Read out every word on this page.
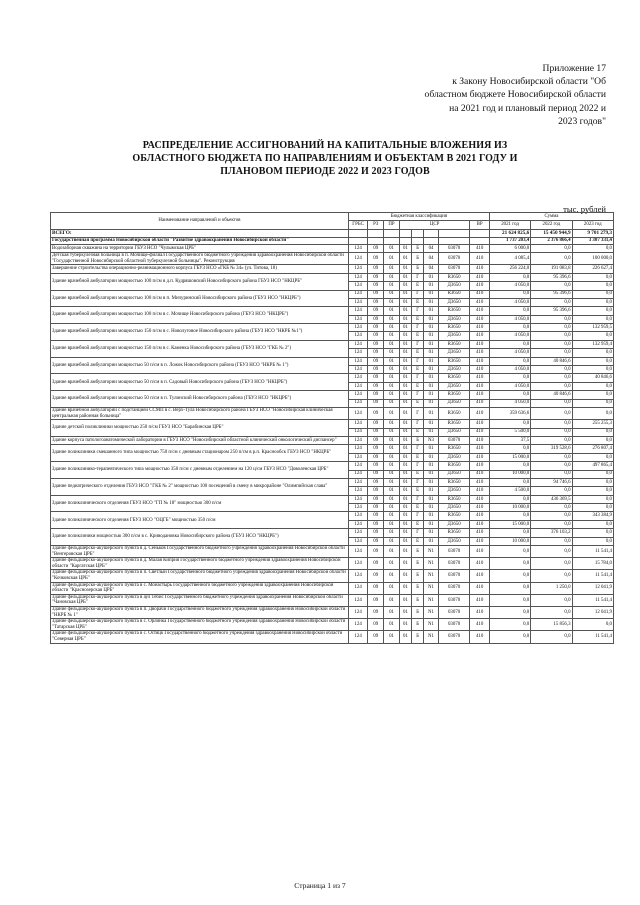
Приложение 17
к Закону Новосибирской области "Об
областном бюджете Новосибирской области
на 2021 год и плановый период 2022 и
2023 годов"
РАСПРЕДЕЛЕНИЕ АССИГНОВАНИЙ НА КАПИТАЛЬНЫЕ ВЛОЖЕНИЯ ИЗ
ОБЛАСТНОГО БЮДЖЕТА ПО НАПРАВЛЕНИЯМ И ОБЪЕКТАМ В 2021 ГОДУ И
ПЛАНОВОМ ПЕРИОДЕ 2022 И 2023 ГОДОВ
тыс. рублей
Наименование направлений и объектов	Бюджетная классификация								Сумма		
	ГРБС	РЗ	ПР	ЦСР				ВР	2021 год	2022 год	2023 год

ВСЕГО:									21 624 825,6	15 450 944,9	9 701 279,3
Государственная программа Новосибирской области "Развитие здравоохранения Новосибирской области"									1 737 203,4	2 376 866,4	3 307 331,4
Водозаборная скважина на территории ГБУЗ НСО "Чулымская ЦРБ"	124	09	01	01	Б	04	03070	410	6 000,0	0,0	0,0
Детская туберкулезная больница в п. Мочище-филиал Государственного бюджетного учреждения здравоохранения Новосибирской области "Государственной Новосибирской областной туберкулезной больницы". Реконструкция	124	09	01	01	Б	04	03070	410	4 085,4	0,0	100 000,0
Завершение строительства операционно-реанимационного корпуса ГБУЗ НСО «ГКБ № 34» (ул. Титова, 18)	124	09	01	01	Б	04	03070	410	256 224,0	191 083,8	226 627,4
Здание врачебной амбулатории мощностью 100 п/см в д.п. Кудряшовский Новосибирского района ГБУЗ НСО "НКЦРБ"	124	09	01	01	Г	01	R3650	410	0,0	95 396,6	0,0
	124	09	01	01	Е	01	Д3650	410	4 050,0	0,0	0,0
Здание врачебной амбулатории мощностью 100 п/см в п. Мичуринский Новосибирского района (ГБУЗ НСО "НКЦРБ")	124	09	01	01	Г	01	R3650	410	0,0	95 396,6	0,0
	124	09	01	01	Е	01	Д3650	410	4 050,0	0,0	0,0
Здание врачебной амбулатории мощностью 100 п/см в с. Мочище Новосибирского района (ГБУЗ НСО "НКЦРБ")	124	09	01	01	Г	01	R3650	410	0,0	95 396,6	0,0
	124	09	01	01	Е	01	Д3650	410	4 050,0	0,0	0,0
Здание врачебной амбулатории мощностью 150 п/см в с. Новолуговое Новосибирского района (ГБУЗ НСО "НКРБ №1")	124	09	01	01	Г	01	R3650	410	0,0	0,0	132 959,5
	124	09	01	01	Е	01	Д3650	410	4 050,0	0,0	0,0
Здание врачебной амбулатории мощностью 150 п/см в с. Каменка Новосибирского района (ГБУЗ НСО "ГКБ № 2")	124	09	01	01	Г	01	R3650	410	0,0	0,0	132 959,4
	124	09	01	01	Е	01	Д3650	410	4 050,0	0,0	0,0
Здание врачебной амбулатории мощностью 50 п/см в п. Ложок Новосибирского района (ГБУЗ НСО "НКРБ № 1")	124	09	01	01	Г	01	R3650	410	0,0	40 846,6	0,0
	124	09	01	01	Е	01	Д3650	410	4 050,0	0,0	0,0
Здание врачебной амбулатории мощностью 50 п/см в п. Садовый Новосибирского района (ГБУЗ НСО "НКЦРБ")	124	09	01	01	Г	01	R3650	410	0,0	0,0	40 846,6
	124	09	01	01	Е	01	Д3650	410	4 050,0	0,0	0,0
Здание врачебной амбулатории мощностью 50 п/см в п. Тулинский Новосибирского района (ГБУЗ НСО "НКЦРБ")	124	09	01	01	Г	01	R3650	410	0,0	40 846,6	0,0
	124	09	01	01	Е	01	Д3650	410	4 050,0	0,0	0,0
Здание врачебной амбулатории с подстанцией ССМП в с. Верх-Тула Новосибирского района ГБУЗ НСО "Новосибирская клиническая центральная районная больница"	124	09	01	01	Г	01	R3650	410	359 636,6	0,0	0,0
Здание детской поликлиники мощностью 250 п/см ГБУЗ НСО "Барабинская ЦРБ"	124	09	01	01	Г	01	R3650	410	0,0	0,0	255 255,3
	124	09	01	01	Е	01	Д3650	410	5 500,0	0,0	0,0
Здание корпуса патологоанатомической лаборатории в ГБУЗ НСО "Новосибирский областной клинический онкологический диспансер"	124	09	01	01	Б	N3	03070	410	37,5	0,0	0,0
Здание поликлиники смешанного типа мощностью 750 п/см с дневным стационаром 250 п/см в р.п. Краснообск ГБУЗ НСО "НКЦРБ"	124	09	01	01	Г	01	R3650	410	0,0	319 528,6	276 807,4
	124	09	01	01	Е	01	Д3650	410	15 000,0	0,0	0,0
Здание поликлинико-терапевтического типа мощностью 350 п/см с дневным отделением на 120 ц/см ГБУЗ НСО "Доволенская ЦРБ"	124	09	01	01	Г	01	R3650	410	0,0	0,0	497 865,4
	124	09	01	01	Е	01	Д3650	410	10 000,0	0,0	0,0
Здание педиатрического отделения ГБУЗ НСО "ГКБ № 2" мощностью 100 посещений в смену в микрорайоне "Олимпийская слава"	124	09	01	01	Г	01	R3650	410	0,0	94 746,6	0,0
	124	09	01	01	Е	01	Д3650	410	4 500,0	0,0	0,0
Здание поликлинического отделения ГБУЗ НСО "ГП № 18" мощностью 300 п/см	124	09	01	01	Г	01	R3650	410	0,0	436 369,5	0,0
	124	09	01	01	Е	01	Д3650	410	10 000,0	0,0	0,0
Здание поликлинического отделения ГБУЗ НСО "ОЦГБ" мощностью 350 п/см	124	09	01	01	Г	01	R3650	410	0,0	0,0	343 384,9
	124	09	01	01	Е	01	Д3650	410	15 000,0	0,0	0,0
Здание поликлиники мощностью 300 п/см в с. Криводановка Новосибирского района (ГБУЗ НСО "НКЦРБ")	124	09	01	01	Г	01	R3650	410	0,0	376 103,2	0,0
	124	09	01	01	Е	01	Д3650	410	10 000,0	0,0	0,0
Здание фельдшерско-акушерского пункта в д. Сеньков Государственного бюджетного учреждения здравоохранения Новосибирской области "Венгеровская ЦРБ"	124	09	01	01	Б	N1	03070	410	0,0	0,0	11 541,4
Здание фельдшерско-акушерского пункта в д. Малая Киприя Государственного бюджетного учреждения здравоохранения Новосибирской области "Каргатская ЦРБ"	124	09	01	01	Б	N1	03070	410	0,0	0,0	15 784,0
Здание фельдшерско-акушерского пункта в п. Светлый Государственного бюджетного учреждения здравоохранения Новосибирской области "Кочковская ЦРБ"	124	09	01	01	Б	N1	03070	410	0,0	0,0	11 541,4
Здание фельдшерско-акушерского пункта в с. Монастырь Государственного бюджетного учреждения здравоохранения Новосибирской области "Краснозерская ЦРБ"	124	09	01	01	Б	N1	03070	410	0,0	1 250,0	12 041,9
Здание фельдшерско-акушерского пункта в аул Тебис Государственного бюджетного учреждения здравоохранения Новосибирской области "Чановская ЦРБ"	124	09	01	01	Б	N1	03070	410	0,0	0,0	11 541,4
Здание фельдшерско-акушерского пункта в п. Дворачи Государственного бюджетного учреждения здравоохранения Новосибирской области "НКРБ № 1"	124	09	01	01	Б	N1	03070	410	0,0	0,0	12 041,9
Здание фельдшерско-акушерского пункта в с. Орлинка Государственного бюджетного учреждения здравоохранения Новосибирской области "Татарская ЦРБ"	124	09	01	01	Б	N1	03070	410	0,0	15 856,3	0,0
Здание фельдшерско-акушерского пункта в с. Остяцк Государственного бюджетного учреждения здравоохранения Новосибирской области "Северная ЦРБ"	124	09	01	01	Б	N1	03070	410	0,0	0,0	11 541,4
Страница 1 из 7
